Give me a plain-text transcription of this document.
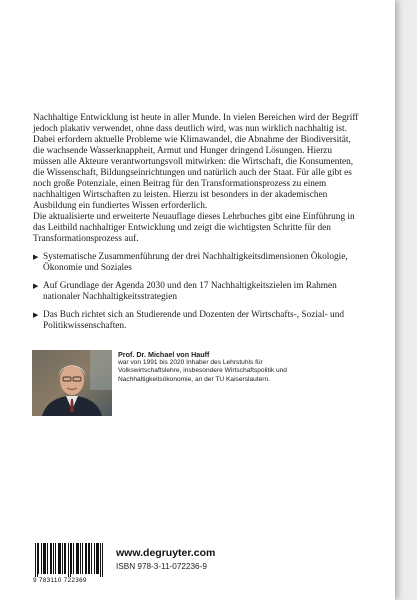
Nachhaltige Entwicklung ist heute in aller Munde. In vielen Bereichen wird der Begriff jedoch plakativ verwendet, ohne dass deutlich wird, was nun wirklich nachhaltig ist. Dabei erfordern aktuelle Probleme wie Klimawandel, die Abnahme der Biodiversität, die wachsende Wasserknappheit, Armut und Hunger dringend Lösungen. Hierzu müssen alle Akteure verantwortungsvoll mitwirken: die Wirtschaft, die Konsumenten, die Wissenschaft, Bildungseinrichtungen und natürlich auch der Staat. Für alle gibt es noch große Potenziale, einen Beitrag für den Transformationsprozess zu einem nachhaltigen Wirtschaften zu leisten. Hierzu ist besonders in der akademischen Ausbildung ein fundiertes Wissen erforderlich.

Die aktualisierte und erweiterte Neuauflage dieses Lehrbuches gibt eine Einführung in das Leitbild nachhaltiger Entwicklung und zeigt die wichtigsten Schritte für den Transformationsprozess auf.

▶ Systematische Zusammenführung der drei Nachhaltigkeitsdimensionen Ökologie, Ökonomie und Soziales
▶ Auf Grundlage der Agenda 2030 und den 17 Nachhaltigkeitszielen im Rahmen nationaler Nachhaltigkeitsstrategien
▶ Das Buch richtet sich an Studierende und Dozenten der Wirtschafts-, Sozial- und Politikwissenschaften.
Prof. Dr. Michael von Hauff
war von 1991 bis 2020 Inhaber des Lehrstuhls für Volkswirtschaftslehre, insbesondere Wirtschaftspolitik und Nachhaltigkeitsökonomie, an der TU Kaiserslautern.
9 783110 722369
www.degruyter.com
ISBN 978-3-11-072236-9
